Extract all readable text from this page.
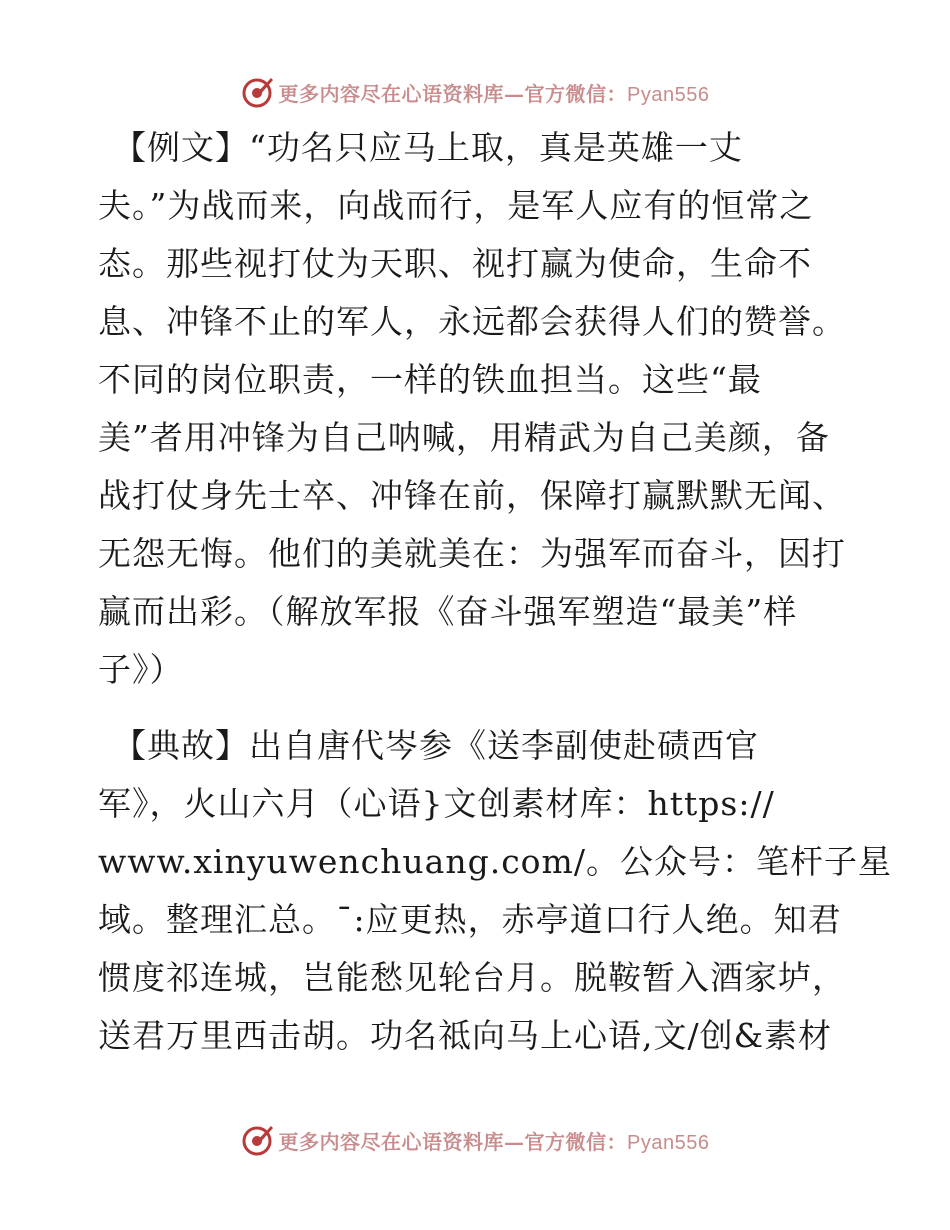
更多内容尽在心语资料库—官方微信：Pyan556
【例文】“功名只应马上取，真是英雄一丈
夫。”为战而来，向战而行，是军人应有的恒常之
态。那些视打仗为天职、视打赢为使命，生命不
息、冲锋不止的军人，永远都会获得人们的赞誉。
不同的岗位职责，一样的铁血担当。这些“最
美”者用冲锋为自己呐喊，用精武为自己美颜，备
战打仗身先士卒、冲锋在前，保障打赢默默无闻、
无怨无悔。他们的美就美在：为强军而奋斗，因打
赢而出彩。（解放军报《奋斗强军塑造“最美”样
子》）
【典故】出自唐代岑参《送李副使赴碛西官
军》，火山六月（心语}文创素材库：https://
www.xinyuwenchuang.com/。公众号：笔杆子星
域。整理汇总。¯:应更热，赤亭道口行人绝。知君
惯度祁连城，岂能愁见轮台月。脱鞍暂入酒家垆，
送君万里西击胡。功名祗向马上心语,文/创&素材
更多内容尽在心语资料库—官方微信：Pyan556
